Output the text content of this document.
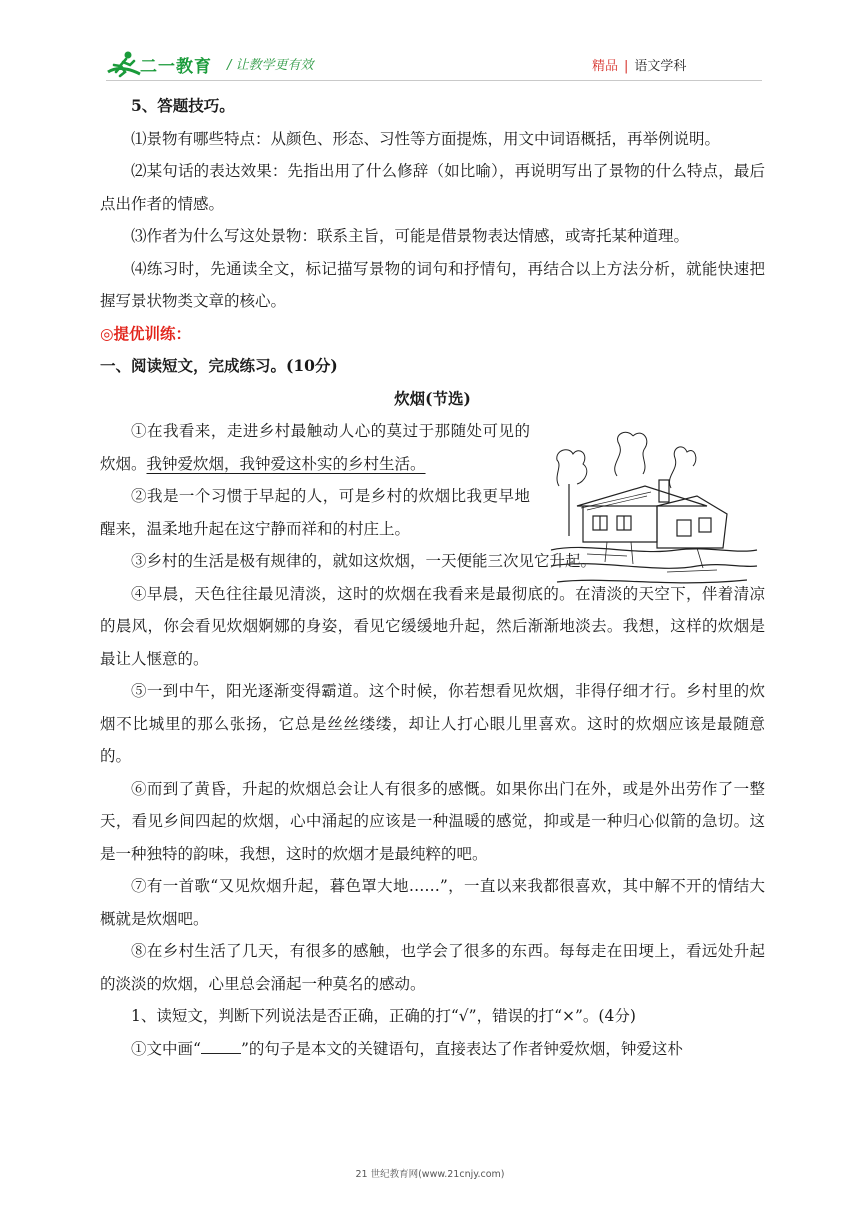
二一教育 / 让教学更有效	精品 | 语文学科

5、答题技巧。

⑴景物有哪些特点：从颜色、形态、习性等方面提炼，用文中词语概括，再举例说明。

⑵某句话的表达效果：先指出用了什么修辞（如比喻），再说明写出了景物的什么特点，最后点出作者的情感。

⑶作者为什么写这处景物：联系主旨，可能是借景物表达情感，或寄托某种道理。

⑷练习时，先通读全文，标记描写景物的词句和抒情句，再结合以上方法分析，就能快速把握写景状物类文章的核心。

◎提优训练：

一、阅读短文，完成练习。(10分)

炊烟(节选)

①在我看来，走进乡村最触动人心的莫过于那随处可见的炊烟。我钟爱炊烟，我钟爱这朴实的乡村生活。

②我是一个习惯于早起的人，可是乡村的炊烟比我更早地醒来，温柔地升起在这宁静而祥和的村庄上。

③乡村的生活是极有规律的，就如这炊烟，一天便能三次见它升起。

④早晨，天色往往最见清淡，这时的炊烟在我看来是最彻底的。在清淡的天空下，伴着清凉的晨风，你会看见炊烟婀娜的身姿，看见它缓缓地升起，然后渐渐地淡去。我想，这样的炊烟是最让人惬意的。

⑤一到中午，阳光逐渐变得霸道。这个时候，你若想看见炊烟，非得仔细才行。乡村里的炊烟不比城里的那么张扬，它总是丝丝缕缕，却让人打心眼儿里喜欢。这时的炊烟应该是最随意的。

⑥而到了黄昏，升起的炊烟总会让人有很多的感慨。如果你出门在外，或是外出劳作了一整天，看见乡间四起的炊烟，心中涌起的应该是一种温暖的感觉，抑或是一种归心似箭的急切。这是一种独特的韵味，我想，这时的炊烟才是最纯粹的吧。

⑦有一首歌“又见炊烟升起，暮色罩大地……”，一直以来我都很喜欢，其中解不开的情结大概就是炊烟吧。

⑧在乡村生活了几天，有很多的感触，也学会了很多的东西。每每走在田埂上，看远处升起的淡淡的炊烟，心里总会涌起一种莫名的感动。

1、读短文，判断下列说法是否正确，正确的打“√”，错误的打“×”。(4分)

①文中画“	”的句子是本文的关键语句，直接表达了作者钟爱炊烟，钟爱这朴

21 世纪教育网(www.21cnjy.com)
